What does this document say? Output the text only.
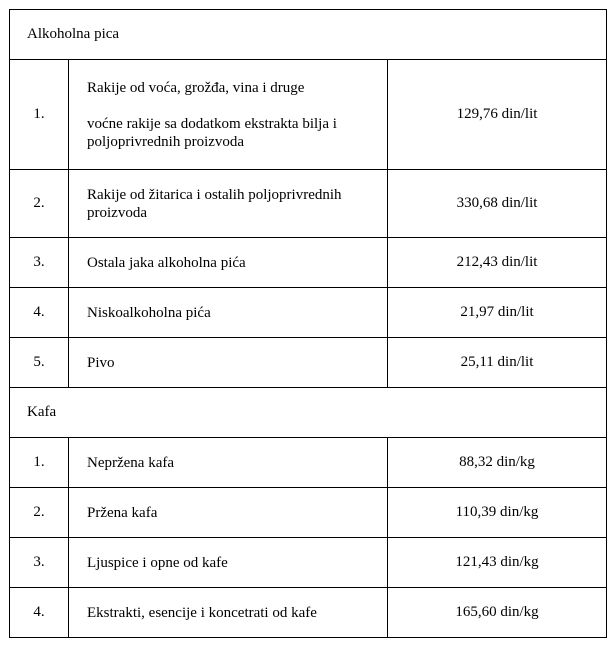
Alkoholna pica		
1.	Rakije od voća, grožđa, vina i druge
voćne rakije sa dodatkom ekstrakta bilja i poljoprivrednih proizvoda	129,76 din/lit
2.	Rakije od žitarica i ostalih poljoprivrednih proizvoda	330,68 din/lit
3.	Ostala jaka alkoholna pića	212,43 din/lit
4.	Niskoalkoholna pića	21,97 din/lit
5.	Pivo	25,11 din/lit
Kafa		
1.	Nepržena kafa	88,32 din/kg
2.	Pržena kafa	110,39 din/kg
3.	Ljuspice i opne od kafe	121,43 din/kg
4.	Ekstrakti, esencije i koncetrati od kafe	165,60 din/kg
